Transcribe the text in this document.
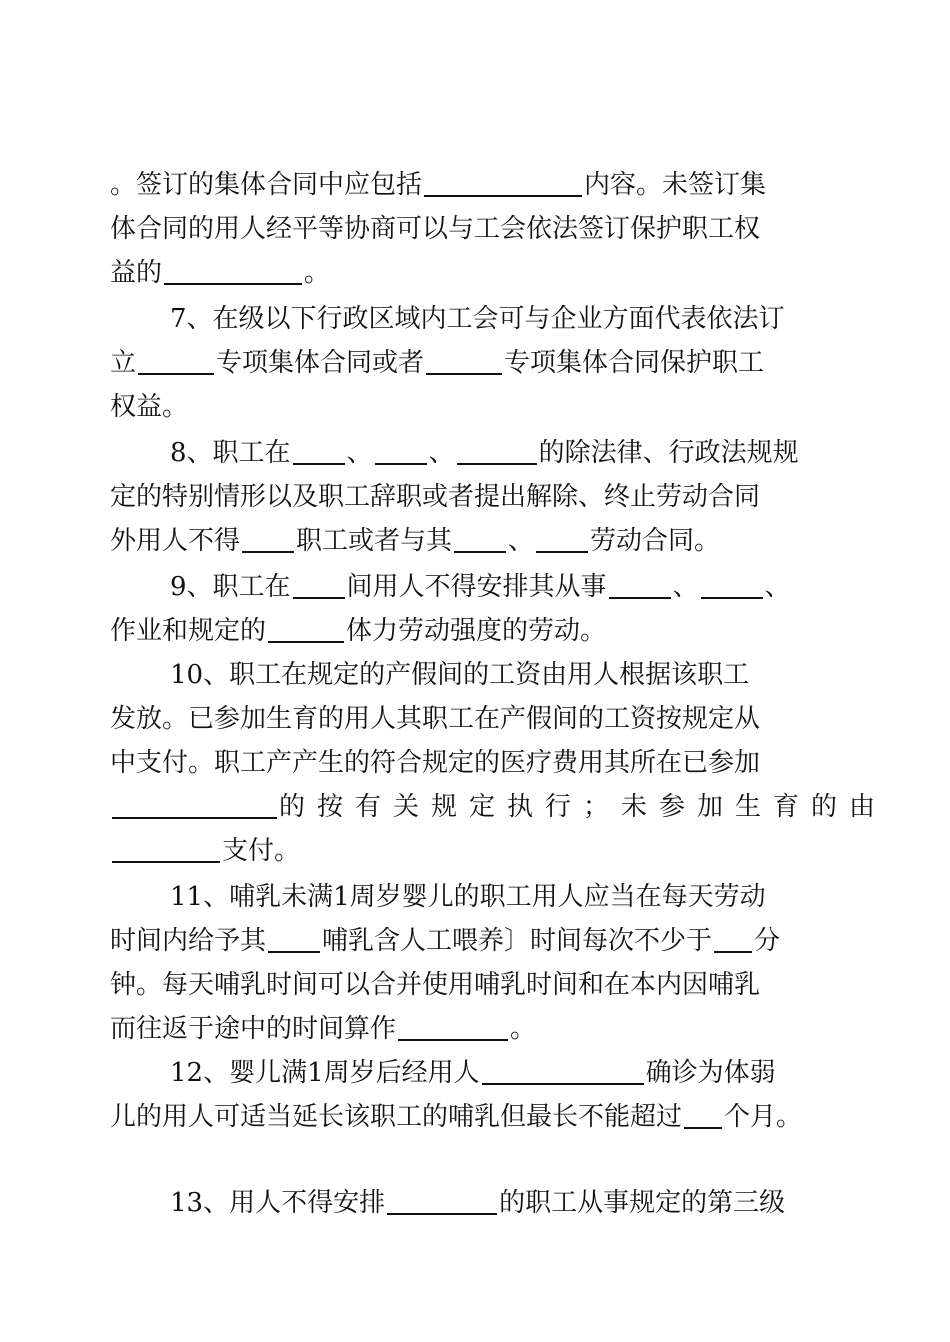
。签订的集体合同中应包括	内容。未签订集
体合同的用人经平等协商可以与工会依法签订保护职工权
益的	。
7、在级以下行政区域内工会可与企业方面代表依法订
立	专项集体合同或者	专项集体合同保护职工
权益。
8、职工在 、 、	的除法律、行政法规规
定的特别情形以及职工辞职或者提出解除、终止劳动合同
外用人不得 职工或者与其 、 劳动合同。
9、职工在 间用人不得安排其从事	、	、
作业和规定的	体力劳动强度的劳动。
10、职工在规定的产假间的工资由用人根据该职工
发放。已参加生育的用人其职工在产假间的工资按规定从
中支付。职工产产生的符合规定的医疗费用其所在已参加
的按有关规定执行；未参加生育的由
支付。
11、哺乳未满1周岁婴儿的职工用人应当在每天劳动
时间内给予其 哺乳含人工喂养〕时间每次不少于 分
钟。每天哺乳时间可以合并使用哺乳时间和在本内因哺乳
而往返于途中的时间算作	。
12、婴儿满1周岁后经用人	确诊为体弱
儿的用人可适当延长该职工的哺乳但最长不能超过 个月。
13、用人不得安排	的职工从事规定的第三级
